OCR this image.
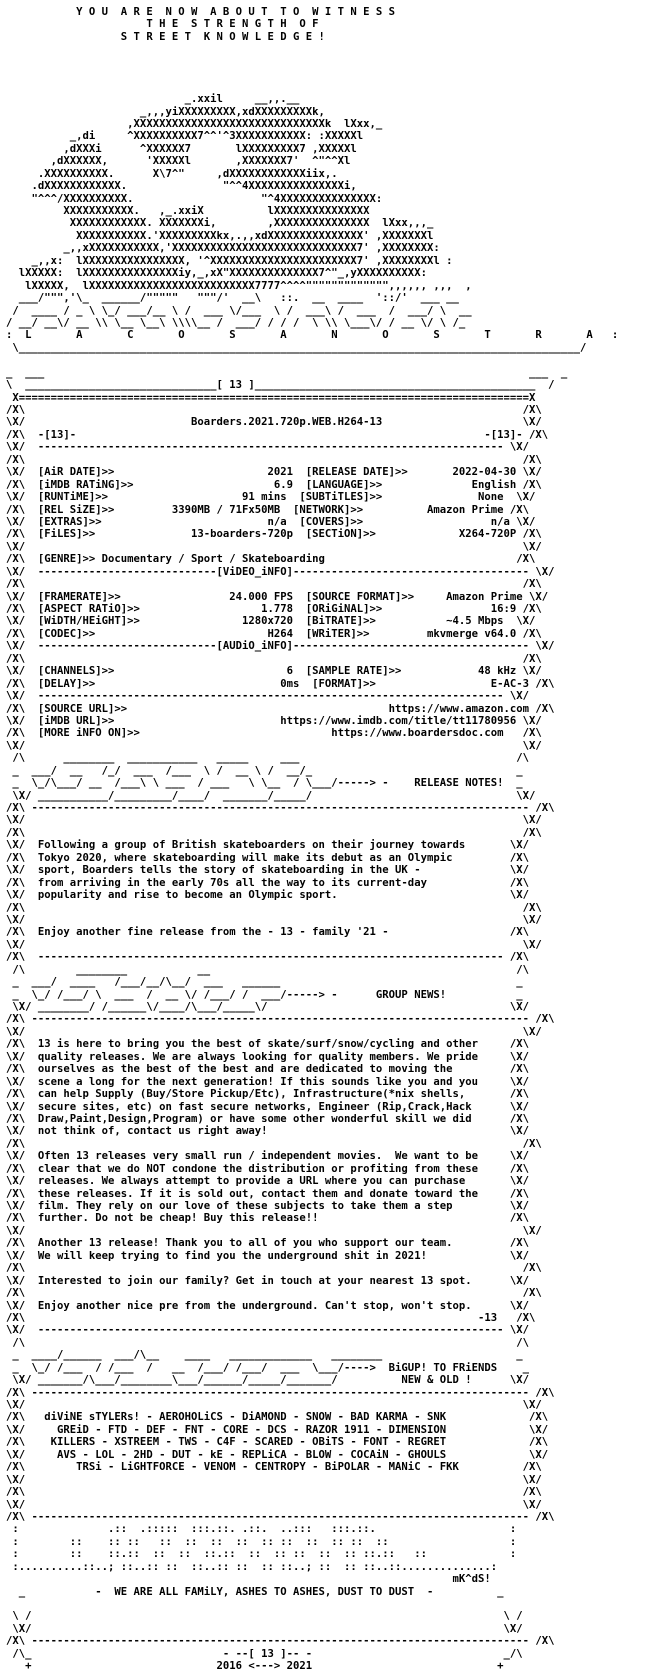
Y O U  A R E  N O W  A B O U T  T O  W I T N E S S
T H E  S T R E N G T H  O F
S T R E E T  K N O W L E D G E !

_.xxil     __,,.__
_,,,yiXXXXXXXXX,xdXXXXXXXXXk,
,XXXXXXXXXXXXXXXXXXXXXXXXXXXXXXk  lXxx,_
_,di     ^XXXXXXXXXX7^^'^3XXXXXXXXXXX: :XXXXXl
,dXXXi      ^XXXXXX7       lXXXXXXXXX7 ,XXXXXl
,dXXXXXX,      'XXXXXl       ,XXXXXXX7'  ^"^^Xl
.XXXXXXXXXX.      X\7^"     ,dXXXXXXXXXXXXiix,.
.dXXXXXXXXXXXX.               "^^4XXXXXXXXXXXXXXXi,
"^^^/XXXXXXXXXX.                    "^4XXXXXXXXXXXXXXX:
XXXXXXXXXXX.   ,_.xxiX          lXXXXXXXXXXXXXXX
XXXXXXXXXXXX. XXXXXXXi,        ,XXXXXXXXXXXXXXX  lXxx,,,_
XXXXXXXXXXX.'XXXXXXXXXkx,.,,xdXXXXXXXXXXXXXXX' ,XXXXXXXl
_,,xXXXXXXXXXXX,'XXXXXXXXXXXXXXXXXXXXXXXXXXXXX7' ,XXXXXXXX:
_,,x:  lXXXXXXXXXXXXXXXX, '^XXXXXXXXXXXXXXXXXXXXXXX7' ,XXXXXXXXl :
lXXXXX:  lXXXXXXXXXXXXXXXiy,_,xX"XXXXXXXXXXXXXX7^"_,yXXXXXXXXXX:
lXXXXX,  lXXXXXXXXXXXXXXXXXXXXXXXXXX7777^^^^""""""""""""",,,,,, ,,,  ,
___/""",'\_  ______/"""""   """/'  __\   ::.  __  ____  '::/'  ___ __
/  ____ / _ \ \_/ ___/__ \ /  ___ \/___  \ /  ___\ /  ___  /  ___/ \  __
/ __/ __\/ __ \\ \__ \__\ \\\\__ /  ___/ / / /  \ \\ \___\/ / __ \/ \ /_
:  L       A       C       O       S       A       N       O       S       T       R       A   :
\________________________________________________________________________________________/

_  ___                                                                            ___  _
\  ______________________________[ 13 ]____________________________________________  /
X================================================================================X
/X\                                                                              /X\
\X/                          Boarders.2021.720p.WEB.H264-13                      \X/
/X\  -[13]-                                                                -[13]- /X\
\X/  ------------------------------------------------------------------------- \X/
/X\                                                                              /X\
\X/  [AiR DATE]>>                        2021  [RELEASE DATE]>>       2022-04-30 \X/
/X\  [iMDB RATiNG]>>                      6.9  [LANGUAGE]>>              English /X\
\X/  [RUNTiME]>>                     91 mins  [SUBTiTLES]>>               None  \X/
/X\  [REL SiZE]>>         3390MB / 71Fx50MB  [NETWORK]>>          Amazon Prime /X\
\X/  [EXTRAS]>>                          n/a  [COVERS]>>                    n/a \X/
/X\  [FiLES]>>               13-boarders-720p  [SECTiON]>>             X264-720P /X\
\X/                                                                              \X/
/X\  [GENRE]>> Documentary / Sport / Skateboarding                              /X\
\X/  ----------------------------[ViDEO_iNFO]------------------------------------- \X/
/X\                                                                              /X\
\X/  [FRAMERATE]>>                 24.000 FPS  [SOURCE FORMAT]>>     Amazon Prime \X/
/X\  [ASPECT RATiO]>>                   1.778  [ORiGiNAL]>>                 16:9 /X\
\X/  [WiDTH/HEiGHT]>>                1280x720  [BiTRATE]>>           ~4.5 Mbps  \X/
/X\  [CODEC]>>                           H264  [WRiTER]>>         mkvmerge v64.0 /X\
\X/  ----------------------------[AUDiO_iNFO]------------------------------------- \X/
/X\                                                                              /X\
\X/  [CHANNELS]>>                           6  [SAMPLE RATE]>>            48 kHz \X/
/X\  [DELAY]>>                             0ms  [FORMAT]>>                  E-AC-3 /X\
\X/  ------------------------------------------------------------------------- \X/
/X\  [SOURCE URL]>>                                         https://www.amazon.com /X\
\X/  [iMDB URL]>>                          https://www.imdb.com/title/tt11780956 \X/
/X\  [MORE iNFO ON]>>                              https://www.boardersdoc.com   /X\
\X/                                                                              \X/
/\      ________  ___________   _____     ___                                  /\
_  ___/  __   /_/  ___  /___  \ /  __ \ /  __/_                                _
_  \_/\___/ __  /___\ \ ___  / ___   \ \__  / \___/-----> -    RELEASE NOTES!  _
\X/ ___________/_________/____/  _______/_____/                                \X/
/X\ ------------------------------------------------------------------------------ /X\
\X/                                                                              \X/
/X\                                                                              /X\
\X/  Following a group of British skateboarders on their journey towards       \X/
/X\  Tokyo 2020, where skateboarding will make its debut as an Olympic         /X\
\X/  sport, Boarders tells the story of skateboarding in the UK -              \X/
/X\  from arriving in the early 70s all the way to its current-day             /X\
\X/  popularity and rise to become an Olympic sport.                           \X/
/X\                                                                              /X\
\X/                                                                              \X/
/X\  Enjoy another fine release from the - 13 - family '21 -                   /X\
\X/                                                                              \X/
/X\  ------------------------------------------------------------------------- /X\
/\        ________           __                                                /\
_  ___/  ____   /___/__/\__/  ___   ______                                     _
_  \_/ /___/ \  ___  /  __ \/ /___/ /  ___/-----> -      GROUP NEWS!           _
\X/ ________/ /______\/____/\___/_____\/                                      \X/
/X\ ------------------------------------------------------------------------------ /X\
\X/                                                                              \X/
/X\  13 is here to bring you the best of skate/surf/snow/cycling and other     /X\
\X/  quality releases. We are always looking for quality members. We pride     \X/
/X\  ourselves as the best of the best and are dedicated to moving the         /X\
\X/  scene a long for the next generation! If this sounds like you and you     \X/
/X\  can help Supply (Buy/Store Pickup/Etc), Infrastructure(*nix shells,       /X\
\X/  secure sites, etc) on fast secure networks, Engineer (Rip,Crack,Hack      \X/
/X\  Draw,Paint,Design,Program) or have some other wonderful skill we did      /X\
\X/  not think of, contact us right away!                                      \X/
/X\                                                                              /X\
\X/  Often 13 releases very small run / independent movies.  We want to be     \X/
/X\  clear that we do NOT condone the distribution or profiting from these     /X\
\X/  releases. We always attempt to provide a URL where you can purchase       \X/
/X\  these releases. If it is sold out, contact them and donate toward the     /X\
\X/  film. They rely on our love of these subjects to take them a step         \X/
/X\  further. Do not be cheap! Buy this release!!                              /X\
\X/                                                                              \X/
/X\  Another 13 release! Thank you to all of you who support our team.         /X\
\X/  We will keep trying to find you the underground shit in 2021!             \X/
/X\                                                                              /X\
\X/  Interested to join our family? Get in touch at your nearest 13 spot.      \X/
/X\                                                                              /X\
\X/  Enjoy another nice pre from the underground. Can't stop, won't stop.      \X/
/X\                                                                       -13   /X\
\X/  ------------------------------------------------------------------------- \X/
/\                                                                             /\
_  ____/______  ___/\__    ____   _____________   ________                     _
_  \_/ /___  / /___  /   __  /___/ /___/  ___  \___/---->  BiGUP! TO FRiENDS    _
\X/ _______/\___/________\___/______/_____/_______/          NEW & OLD !      \X/
/X\ ------------------------------------------------------------------------------ /X\
\X/                                                                              \X/
/X\   diViNE sTYLERs! - AEROHOLiCS - DiAMOND - SNOW - BAD KARMA - SNK             /X\
\X/     GREiD - FTD - DEF - FNT - CORE - DCS - RAZOR 1911 - DIMENSION             \X/
/X\    KILLERS - XSTREEM - TWS - C4F - SCARED - OBiTS - FONT - REGRET             /X\
\X/     AVS - LOL - 2HD - DUT - kE - REPLiCA - BLOW - COCAiN - GHOULS             \X/
/X\        TRSi - LiGHTFORCE - VENOM - CENTROPY - BiPOLAR - MANiC - FKK          /X\
\X/                                                                              \X/
/X\                                                                              /X\
\X/                                                                              \X/
/X\ ------------------------------------------------------------------------------ /X\
:              .::  .:::::  :::.::. .::.  ..:::   :::.::.                     :
:        ::    :: ::   ::  ::  ::  ::  :: ::  ::  :: ::  ::                   :
:        ::    ::.::  ::  ::  ::.::  ::  :: ::  ::  :: ::.::   ::             :
:..........::..; ::..:: ::  ::..:: ::  :: ::..; ::  :: ::..::..............:
mK^dS!
_           -  WE ARE ALL FAMiLY, ASHES TO ASHES, DUST TO DUST  -          _

\ /                                                                          \ /
\X/                                                                          \X/
/X\ ------------------------------------------------------------------------------ /X\
/\_                              - --[ 13 ]-- -                              _/\
+                             2016 <---> 2021                             +
